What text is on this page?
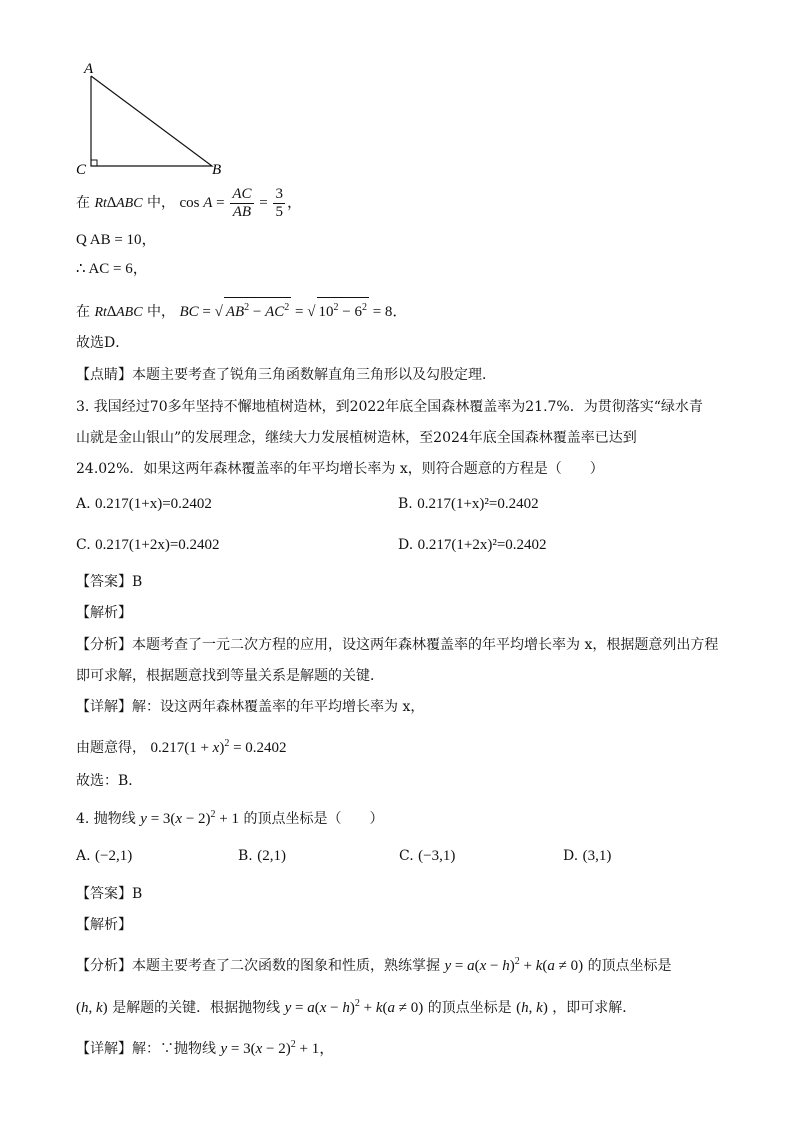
A
C	B
在 Rt∆ABC 中， $\cos A = \frac{AC}{AB} = \frac{3}{5}$ ，
Q AB = 10，
∴ AC = 6，
在 Rt∆ABC 中， BC = √ $AB^2 - AC^2$ = √ $10^2 - 6^2 = 8$．
故选D．
【点睛】本题主要考查了锐角三角函数解直角三角形以及勾股定理．
3. 我国经过70多年坚持不懈地植树造林，到2022年底全国森林覆盖率为21.7%．为贯彻落实“绿水青
山就是金山银山”的发展理念，继续大力发展植树造林，至2024年底全国森林覆盖率已达到
24.02%．如果这两年森林覆盖率的年平均增长率为 x，则符合题意的方程是（　　）
A. 0.217(1+x)=0.2402	B. 0.217(1+x)²=0.2402
C. 0.217(1+2x)=0.2402	D. 0.217(1+2x)²=0.2402
【答案】B
【解析】
【分析】本题考查了一元二次方程的应用，设这两年森林覆盖率的年平均增长率为 x，根据题意列出方程
即可求解，根据题意找到等量关系是解题的关键．
【详解】解：设这两年森林覆盖率的年平均增长率为 x，
由题意得， $0.217(1 + x)^2 = 0.2402$
故选：B．
4. 抛物线 $y = 3(x - 2)^2 + 1$ 的顶点坐标是（　　）
A. (−2,1)	B. (2,1)	C. (−3,1)	D. (3,1)
【答案】B
【解析】
【分析】本题主要考查了二次函数的图象和性质，熟练掌握 $y = a(x - h)^2 + k(a \ne 0)$ 的顶点坐标是
(h, k) 是解题的关键．根据抛物线 $y = a(x - h)^2 + k(a \ne 0)$ 的顶点坐标是 (h, k) ，即可求解．
【详解】解：∵抛物线 $y = 3(x - 2)^2 + 1$，
